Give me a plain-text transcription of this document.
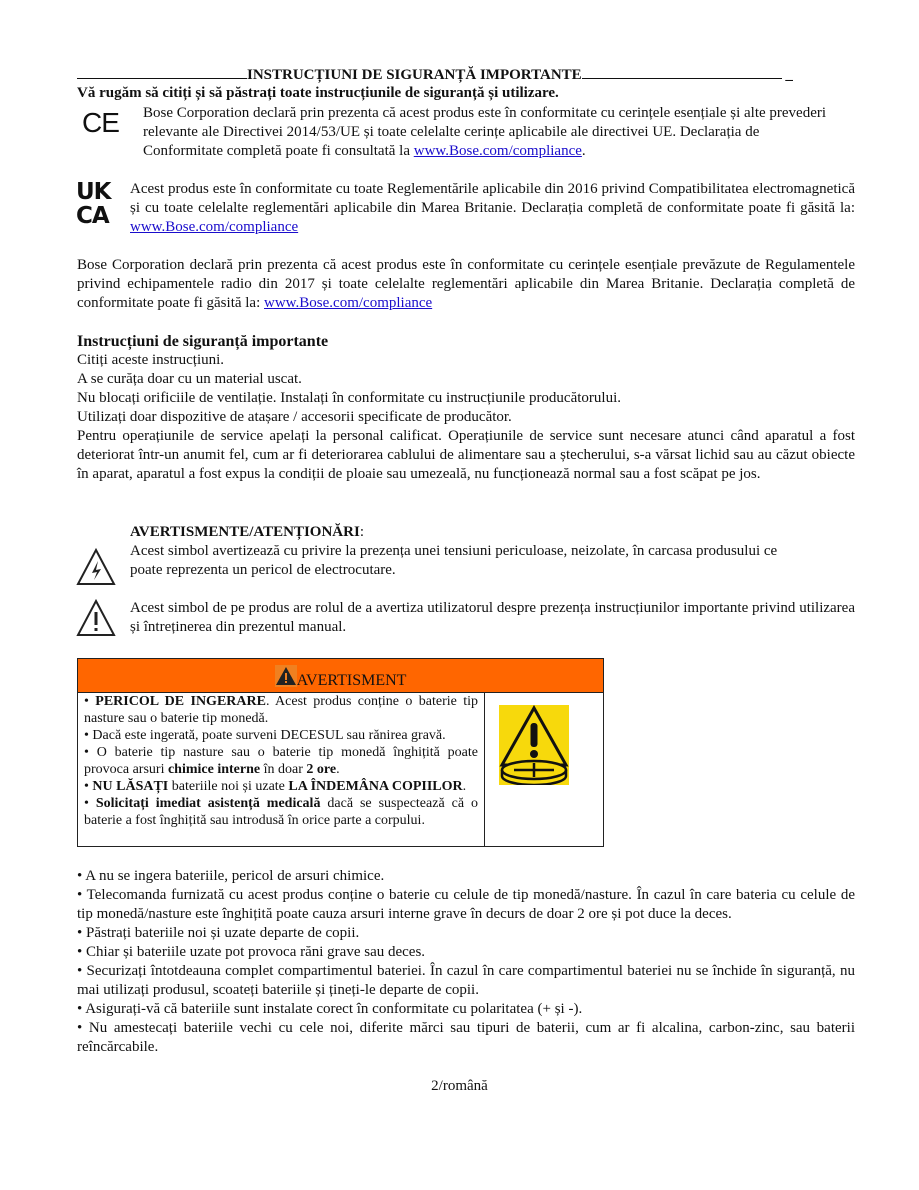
INSTRUCȚIUNI DE SIGURANȚĂ IMPORTANTE	_
Vă rugăm să citiți și să păstrați toate instrucțiunile de siguranță și utilizare.
CE Bose Corporation declară prin prezenta că acest produs este în conformitate cu cerințele esențiale și alte prevederi relevante ale Directivei 2014/53/UE și toate celelalte cerințe aplicabile ale directivei UE. Declarația de Conformitate completă poate fi consultată la www.Bose.com/compliance.
UK
CA
Acest produs este în conformitate cu toate Reglementările aplicabile din 2016 privind Compatibilitatea electromagnetică și cu toate celelalte reglementări aplicabile din Marea Britanie. Declarația completă de conformitate poate fi găsită la: www.Bose.com/compliance
Bose Corporation declară prin prezenta că acest produs este în conformitate cu cerințele esențiale prevăzute de Regulamentele privind echipamentele radio din 2017 și toate celelalte reglementări aplicabile din Marea Britanie. Declarația completă de conformitate poate fi găsită la: www.Bose.com/compliance
Instrucțiuni de siguranță importante
Citiți aceste instrucțiuni.
A se curăța doar cu un material uscat.
Nu blocați orificiile de ventilație. Instalați în conformitate cu instrucțiunile producătorului.
Utilizați doar dispozitive de atașare / accesorii specificate de producător.
Pentru operațiunile de service apelați la personal calificat. Operațiunile de service sunt necesare atunci când aparatul a fost deteriorat într-un anumit fel, cum ar fi deteriorarea cablului de alimentare sau a ștecherului, s-a vărsat lichid sau au căzut obiecte în aparat, aparatul a fost expus la condiții de ploaie sau umezeală, nu funcționează normal sau a fost scăpat pe jos.
AVERTISMENTE/ATENȚIONĂRI:
Acest simbol avertizează cu privire la prezența unei tensiuni periculoase, neizolate, în carcasa produsului ce poate reprezenta un pericol de electrocutare.
Acest simbol de pe produs are rolul de a avertiza utilizatorul despre prezența instrucțiunilor importante privind utilizarea și întreținerea din prezentul manual.
AVERTISMENT
• PERICOL DE INGERARE. Acest produs conține o baterie tip nasture sau o baterie tip monedă.
• Dacă este ingerată, poate surveni DECESUL sau rănirea gravă.
• O baterie tip nasture sau o baterie tip monedă înghițită poate provoca arsuri chimice interne în doar 2 ore.
• NU LĂSAȚI bateriile noi și uzate LA ÎNDEMÂNA COPIILOR.
• Solicitați imediat asistență medicală dacă se suspectează că o baterie a fost înghițită sau introdusă în orice parte a corpului.
• A nu se ingera bateriile, pericol de arsuri chimice.
• Telecomanda furnizată cu acest produs conține o baterie cu celule de tip monedă/nasture. În cazul în care bateria cu celule de tip monedă/nasture este înghițită poate cauza arsuri interne grave în decurs de doar 2 ore și pot duce la deces.
• Păstrați bateriile noi și uzate departe de copii.
• Chiar și bateriile uzate pot provoca răni grave sau deces.
• Securizați întotdeauna complet compartimentul bateriei. În cazul în care compartimentul bateriei nu se închide în siguranță, nu mai utilizați produsul, scoateți bateriile și țineți-le departe de copii.
• Asigurați-vă că bateriile sunt instalate corect în conformitate cu polaritatea (+ și -).
• Nu amestecați bateriile vechi cu cele noi, diferite mărci sau tipuri de baterii, cum ar fi alcalina, carbon-zinc, sau baterii reîncărcabile.
2/română
